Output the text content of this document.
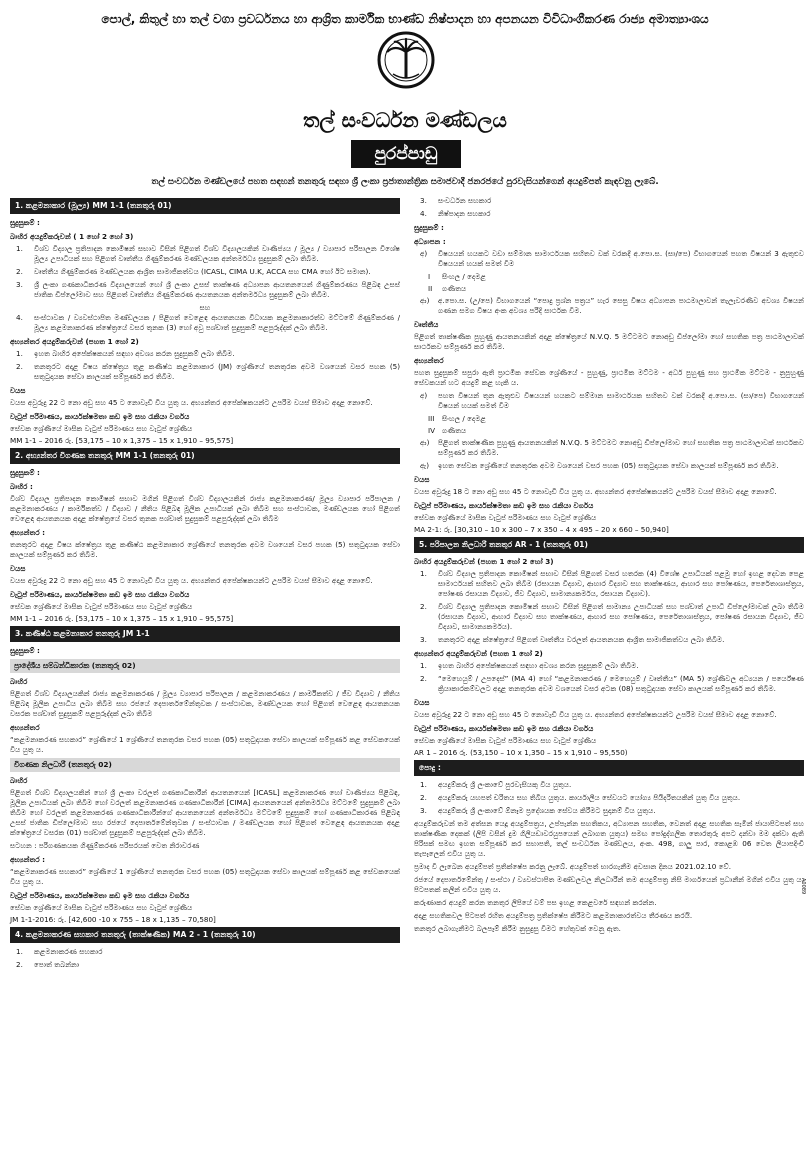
පොල්, කිතුල් හා තල් වගා ප්‍රවර්ධනය හා ආශ්‍රිත කාර්මික භාණ්ඩ නිෂ්පාදන හා අපනයන විවිධාංගීකරණ රාජ්‍ය අමාත්‍යාංශය
තල් සංවර්ධන මණ්ඩලය
පුරප්පාඩු
තල් සංවර්ධන මණ්ඩලයේ පහත සඳහන් තනතුරු සඳහා ශ්‍රී ලංකා ප්‍රජාතාන්ත්‍රික සමාජවාදී ජනරජයේ පුරවැසියන්ගෙන් අයදුම්පත් කැඳවනු ලැබේ.
1. කළමනාකාර (මූල්‍ය) MM 1-1 (තනතුරු 01)
සුදුසුකම් :
බාහිර අයදුම්කරුවන් ( 1 හෝ 2 හෝ 3)
1.	විශ්ව විද්‍යාල ප්‍රතිපාදන කොමිෂන් සභාව විසින් පිළිගත් විශ්ව විද්‍යාලයකින් වාණිජ්‍යය / මූල්‍ය / ව්‍යාපාර පරිපාලන විශේෂ මූල්‍ය උපාධියක් සහ පිළිගත් වෘත්තීය ගිණුම්කරණ මණ්ඩලයක අන්තර්මධ්‍ය සුදුසුකම් ලබා තිබීම.
2.	වෘත්තීය ගිණුම්කරණ මණ්ඩලයක ආශ්‍රිත සාමාජිකත්වය (ICASL, CIMA U.K, ACCA සහ CMA හෝ ඊට සමාන).
3.	ශ්‍රී ලංකා ගණකාධිකරණ විද්‍යාලයෙන් හෝ ශ්‍රී ලංකා උසස් තාක්ෂණ අධ්‍යාපන ආයතනයෙන් ගිණුම්කරණය පිළිබඳ උසස් ජාතික ඩිප්ලෝමාව සහ පිළිගත් වෘත්තීය ගිණුම්කරණ ආයතනයක අන්තර්මධ්‍ය සුදුසුකම් ලබා තිබීම.
සහ
4.	සංස්ථාවක / ව්‍යවස්ථාපිත මණ්ඩලයක / පිළිගත් වෙළෙඳ ආයතනයක විධායක කළමනාකාරත්ව මට්ටමේ ගිණුම්කරණ / මූල්‍ය කළමනාකරණ ක්ෂේත්‍රයේ වසර තුනක (3) හෝ අවු පශ්චාත් සුදුසුකම් පළපුරුද්දක් ලබා තිබීම.
අභ්‍යන්තර අයදුම්කරුවන් (පහත 1 හෝ 2)
1.	ඉහත බාහිර අපේක්ෂකයන් සඳහා අවශ්‍ය කරන සුදුසුකම් ලබා තිබීම.
2.	තනතුරට අදාළ විෂය ක්ෂේත්‍රය තුළ කණිෂ්ඨ කළමනාකාර (JM) ශ්‍රේණියේ තනතුරක අවම වශයෙන් වසර පහක (5) සතුටුදායක සේවා කාලයක් සම්පූර්ණ කර තිබීම.
වයස
වයස අවුරුදු 22 ට නො අඩු සහ 45 ට නොවැඩි විය යුතු ය. අභ්‍යන්තර අපේක්ෂකයන්ට උපරිම වයස් සීමාව අදාළ නොවේ.
වැටුප් පරිමාණය, කාර්යක්ෂමතා කඩ ඉම සහ රැකියා වර්ගය
සේවක ශ්‍රේණියේ මාසික වැටුප් පරිමාණය සහ වැටුප් ශ්‍රේණිය
MM 1-1 – 2016 රු. [53,175 – 10 x 1,375 – 15 x 1,910 – 95,575]
2. අභ්‍යන්තර විගණක තනතුරු MM 1-1 (තනතුරු 01)
සුදුසුකම් :
බාහිර :
විශ්ව විද්‍යාල ප්‍රතිපාදන කොමිෂන් සභාව මගින් පිළිගත් විශ්ව විද්‍යාලයකින් රාජ්‍ය කළමනාකරණ/ මූල්‍ය ව්‍යාපාර පරිපාලන / කළමනාකරණය / කාර්මිකත්ව / විද්‍යාව / නීතිය පිළිබඳ මූලික උපාධියක් ලබා තිබීම සහ සංස්ථාවක, මණ්ඩලයක හෝ පිළිගත් වෙළෙඳ ආයතනයක අදාළ ක්ෂේත්‍රයේ වසර තුනක පශ්චාත් සුදුසුකම් පළපුරුද්දක් ලබා තිබීම
අභ්‍යන්තර :
තනතුරට අදාළ විෂය ක්ෂේත්‍රය තුළ කණිෂ්ඨ කළමනාකාර ශ්‍රේණියේ තනතුරක අවම වශයෙන් වසර පහක (5) සතුටුදායක සේවා කාලයක් සම්පූර්ණ කර තිබීම.
වයස
වයස අවුරුදු 22 ට නො අඩු සහ 45 ට නොවැඩි විය යුතු ය. අභ්‍යන්තර අපේක්ෂකයන්ට උපරිම වයස් සීමාව අදාළ නොවේ.
වැටුප් පරිමාණය, කාර්යක්ෂමතා කඩ ඉම සහ රැකියා වර්ගය
සේවක ශ්‍රේණියේ මාසික වැටුප් පරිමාණය සහ වැටුප් ශ්‍රේණිය
MM 1-1 – 2016 රු. [53,175 – 10 x 1,375 – 15 x 1,910 – 95,575]
3. කණිෂ්ඨ කළමනාකාර තනතුරු JM 1-1
සුදුසුකම් :
ප්‍රාදේශීය සම්බන්ධීකාරක (තනතුරු 02)
බාහිර
පිළිගත් විශ්ව විද්‍යාලයකින් රාජ්‍ය කළමනාකරණ / මූල්‍ය ව්‍යාපාර පරිපාලන / කළමනාකරණය / කාර්මිකත්ව / ජීව විද්‍යාව / නීතිය පිළිබඳ මූලික උපාධිය ලබා තිබීම සහ රජයේ දෙපාර්තමේන්තුවක / සංස්ථාවක, මණ්ඩලයක හෝ පිළිගත් වෙළෙඳ ආයතනයක වසරක පශ්චාත් සුදුසුකම් පළපුරුද්දක් ලබා තිබීම
අභ්‍යන්තර
“කළමනාකරණ සහකාර” ශ්‍රේණියේ 1 ශ්‍රේණියේ තනතුරක වසර පහක (05) සතුටුදායක සේවා කාලයක් සම්පූර්ණ කළ සේවකයෙක් විය යුතු ය.
විගණක නිලධාරී (තනතුරු 02)
බාහිර
පිළිගත් විශ්ව විද්‍යාලයකින් හෝ ශ්‍රී ලංකා වරලත් ගණකාධිකාරීන් ආයතනයෙන් [ICASL] කළමනාකරණ හෝ වාණිජ්‍යය පිළිබඳ, මූලික උපාධියක් ලබා තිබීම හෝ වරලත් කළමනාකරණ ගණකාධිකාරීන් [CIMA] ආයතනයෙන් අන්තර්මධ්‍ය මට්ටමේ සුදුසුකම් ලබා තිබීම හෝ වරලත් කළමනාකරණ ගණකාධිකාරීන්ගේ ආයතනයෙන් අන්තර්මධ්‍ය මට්ටමේ සුදුසුකම් හෝ ගණකාධිකාරණ පිළිබඳ උසස් ජාතික ඩිප්ලෝමාව සහ රජයේ දෙපාර්තමේන්තුවක / සංස්ථාවක / මණ්ඩලයක හෝ පිළිගත් වෙළෙඳ ආයතනයක අදාළ ක්ෂේත්‍රයේ වසරක (01) පශ්චාත් සුදුසුකම් පළපුරුද්දක් ලබා තිබීම.
සටහන : පරිගණකයක ගිණුම්කරණ පරිසරයක් වෙත නිරාවරණ
අභ්‍යන්තර :
“කළමනාකරණ සහකාර” ශ්‍රේණියේ 1 ශ්‍රේණියේ තනතුරක වසර පහක (05) සතුටුදායක සේවා කාලයක් සම්පූර්ණ කළ සේවකයෙක් විය යුතු ය.
වැටුප් පරිමාණය, කාර්යක්ෂමතා කඩ ඉම සහ රැකියා වර්ගය
සේවක ශ්‍රේණියේ මාසික වැටුප් පරිමාණය සහ වැටුප් ශ්‍රේණිය
JM 1-1-2016: රු. [42,600 -10 x 755 – 18 x 1,135 – 70,580]
4. කළමනාකරණ සහකාර තනතුරු (තාක්ෂණික) MA 2 - 1 (තනතුරු 10)
1.	කළමනාකරණ සහකාර
2.	පොත් තබන්නා
3.	සංවර්ධන සහකාර
4.	නිෂ්පාදන සහකාර
සුදුසුකම් :
අධ්‍යාපන :
අ)	විෂයයන් හයකට වඩා සම්මාන සාමාර්ථයක සහිතව වක් වරකදී අ.පො.ස. (සා/පෙ) විභාගයෙන් පහත විෂයන් 3 ඇතුළුව විෂයයන් හයක් සමත් වීම
I	සිංහල / දෙමළ
II	ගණිතය
ආ)	අ.පො.ස. (උ/පෙ) විභාගයෙන් “පොදු ප්‍රශ්න පත්‍රය” හැර සෙසු විෂය අධ්‍යාපන පාඨමාලාවන් තැලැවරණිව අවශ්‍ය විෂයන් ගණන සමග විෂය අංක අවශ්‍ය පරිදි සාර්ථක වීම.
වෘත්තීය
පිළිගත් තාක්ෂණික පුහුණු ආයතනයකින් අදාළ ක්ෂේත්‍රයේ N.V.Q. 5 මට්ටමට නොඅඩු ඩිප්ලෝමා හෝ සහතික පත්‍ර පාඨමාලාවක් සාර්ථකව සම්පූර්ණ කර තිබීම.
අභ්‍යන්තර
පහත සුදුසුකම් සපුරා ඇති ප්‍රාථමික සේවක ශ්‍රේණියේ - පුහුණු, ප්‍රාථමික මට්ටම - අර්ධ පුහුණු සහ ප්‍රාථමික මට්ටම - නුපුහුණු සේවකයන් හට අයදුම් කළ හැකි ය.
අ)	පහත විෂයන් තුන ඇතුළුව විෂයයන් හයකට සම්මාන සාමාර්ථයක සහිතව වක් වරකදී අ.පො.ස. (සා/පෙ) විභාගයෙන් විෂයන් හයක් සමත් වීම
III	සිංහල / දෙමළ
IV ගණිතය
ආ)	පිළිගත් තාක්ෂණික පුහුණු ආයතනයකින් N.V.Q. 5 මට්ටමට නොඅඩු ඩිප්ලෝමාව හෝ සහතික පත්‍ර පාඨමාලාවක් සාර්ථකව සම්පූර්ණ කර තිබීම.
ඇ)	ඉහත සේවක ශ්‍රේණියේ තනතුරක අවම වශයෙන් වසර පහක (05) සතුටුදායක සේවා කාලයක් සම්පූර්ණ කර තිබීම.
වයස
වයස අවුරුදු 18 ට නො අඩු සහ 45 ට නොවැඩි විය යුතු ය. අභ්‍යන්තර අපේක්ෂකයන්ට උපරිම වයස් සීමාව අදාළ නොවේ.
වැටුප් පරිමාණය, කාර්යක්ෂමතා කඩ ඉම සහ රැකියා වර්ගය
සේවක ශ්‍රේණියේ මාසික වැටුප් පරිමාණය සහ වැටුප් ශ්‍රේණිය
MA 2-1: රු. [30,310 – 10 x 300 – 7 x 350 – 4 x 495 – 20 x 660 – 50,940]
5. පරිපාලන නිලධාරී තනතුර AR - 1 (තනතුරු 01)
බාහිර අයදුම්කරුවන් (පහත 1 හෝ 2 හෝ 3)
1.	විශ්ව විද්‍යාල ප්‍රතිපාදන කොමිෂන් සභාව විසින් පිළිගත් වසර හතරක (4) විශේෂ උපාධියක් පළමු හෝ ඉහළ දෙවන පෙළ සාමාර්ථයක් සහිතව ලබා තිබීම (රසායන විද්‍යාව, ආහාර විද්‍යාව සහ තාක්ෂණය, ආහාර සහ පෝෂණය, පෙරේතාශාස්ත්‍රය, පෝෂණ රසායන විද්‍යාව, ජීව විද්‍යාව, සාමාන්‍යකර්මය, රසායන විද්‍යාව).
2.	විශ්ව විද්‍යාල ප්‍රතිපාදන කොමිෂන් සභාව විසින් පිළිගත් සාමාන්‍ය උපාධියක් සහ පශ්චාත් උපාධි ඩිප්ලෝමාවක් ලබා තිබීම (රසායන විද්‍යාව, ආහාර විද්‍යාව සහ තාක්ෂණය, ආහාර සහ පෝෂණය, පෙරේතාශාස්ත්‍රය, පෝෂණ රසායන විද්‍යාව, ජීව විද්‍යාව, සාමාන්‍යකර්මය).
3.	තනතුරට අදාළ ක්ෂේත්‍රයේ පිළිගත් වෘත්තීය වරලත් ආයතනයක ආශ්‍රිත සාමාජිකත්වය ලබා තිබීම.
අභ්‍යන්තර අයදුම්කරුවන් (පහත 1 හෝ 2)
1.	ඉහත බාහිර අපේක්ෂකයන් සඳහා අවශ්‍ය කරන සුදුසුකම් ලබා තිබීම.
2.	“මෙහෙයුම් / උපදෙස්” (MA 4) හෝ “කළමනාකරණ / මෙහෙයුම් / වෘත්තීය” (MA 5) ශ්‍රේණිවල අධ්‍යයන / පර්යේෂණ ක්‍රියාකාරකම්වලට අදාළ තනතුරක අවම වශයෙන් වසර අටක (08) සතුටුදායක සේවා කාලයක් සම්පූර්ණ කර තිබීම.
වයස
වයස අවුරුදු 22 ට නො අඩු සහ 45 ට නොවැඩි විය යුතු ය. අභ්‍යන්තර අපේක්ෂකයන්ට උපරිම වයස් සීමාව අදාළ නොවේ.
වැටුප් පරිමාණය, කාර්යක්ෂමතා කඩ ඉම සහ රැකියා වර්ගය
සේවක ශ්‍රේණියේ මාසික වැටුප් පරිමාණය සහ වැටුප් ශ්‍රේණිය
AR 1 – 2016 රු. (53,150 – 10 x 1,350 – 15 x 1,910 – 95,550)
පොදු :
1.	අයදුම්කරු ශ්‍රී ලංකාවේ පුරවැසියකු විය යුතුය.
2.	අයදුම්කරු යහපත් චරිතය සහ තිබිය යුතුය. කාර්යාලීය සේවයට යෝග්‍ය පියිදරිතයකින් යුතු විය යුතුය.
3.	අයදුම්කරු ශ්‍රී ලංකාවේ ඕනෑම ප්‍රදේශයක සේවය කිරීමට සුදානම් විය යුතුය.
අයදුම්කරුවන් තම අත්සන යෙදූ අයදුම්පත්‍රය, උප්පැන්න සහතිකය, අධ්‍යාපන සහතික, වෙනත් අදාළ සහතික සැමින් ජායාපිටපත් සහ තාක්ෂණික දෙකක් (ලිපි වසින් දුම ගිලියඩාවරයුපයෙන් ලබාගත යුතුය) සමඟ පෝදුද්ගලික තොරතුරු අපට දන්වා මම දක්වා ඇති පිරිසක් සමඟ ඉහත සම්පූර්ණ කර සභාපති, තල් සංවර්ධන මණ්ඩලය, අංක. 498, ගාලු පාර, කොළඹ 06 වෙත ලියාපදිංචි තැපෑලෙන් එවිය යුතු ය.
ප්‍රමාද වී ලැබෙන අයදුම්පත් ප්‍රතික්ෂේප කරනු ලැබේ. අයදුම්පත් භාරගැනීම අවසාන දිනය 2021.02.10 වේ.
රජයේ දෙපාර්තමේන්තු / සංස්ථා / ව්‍යවස්ථාපිත මණ්ඩලවල නිලධාරීන් තම අයදුම්පත්‍ර නිසි මාර්ගයෙන් ප්‍රධානීන් මගින් එවිය යුතු ය. පිටපතක් කලින් එවිය යුතු ය.
කරුණාකර අයදුම් කරන තනතුර ලිපියේ වම් පස ඉහළ කෙළවරේ සඳහන් කරන්න.
අදාළ සහතිකවල පිටපත් රහිත අයදුම්පත්‍ර ප්‍රතික්ෂේප කිරීමට කළමනාකාරත්වය තීරණය කරයි.
තනතුර ලබාගැනීමට බලපෑම් කිරීම නුසුදුසු වීමට හේතුවක් වෙනු ඇත.
A0089
